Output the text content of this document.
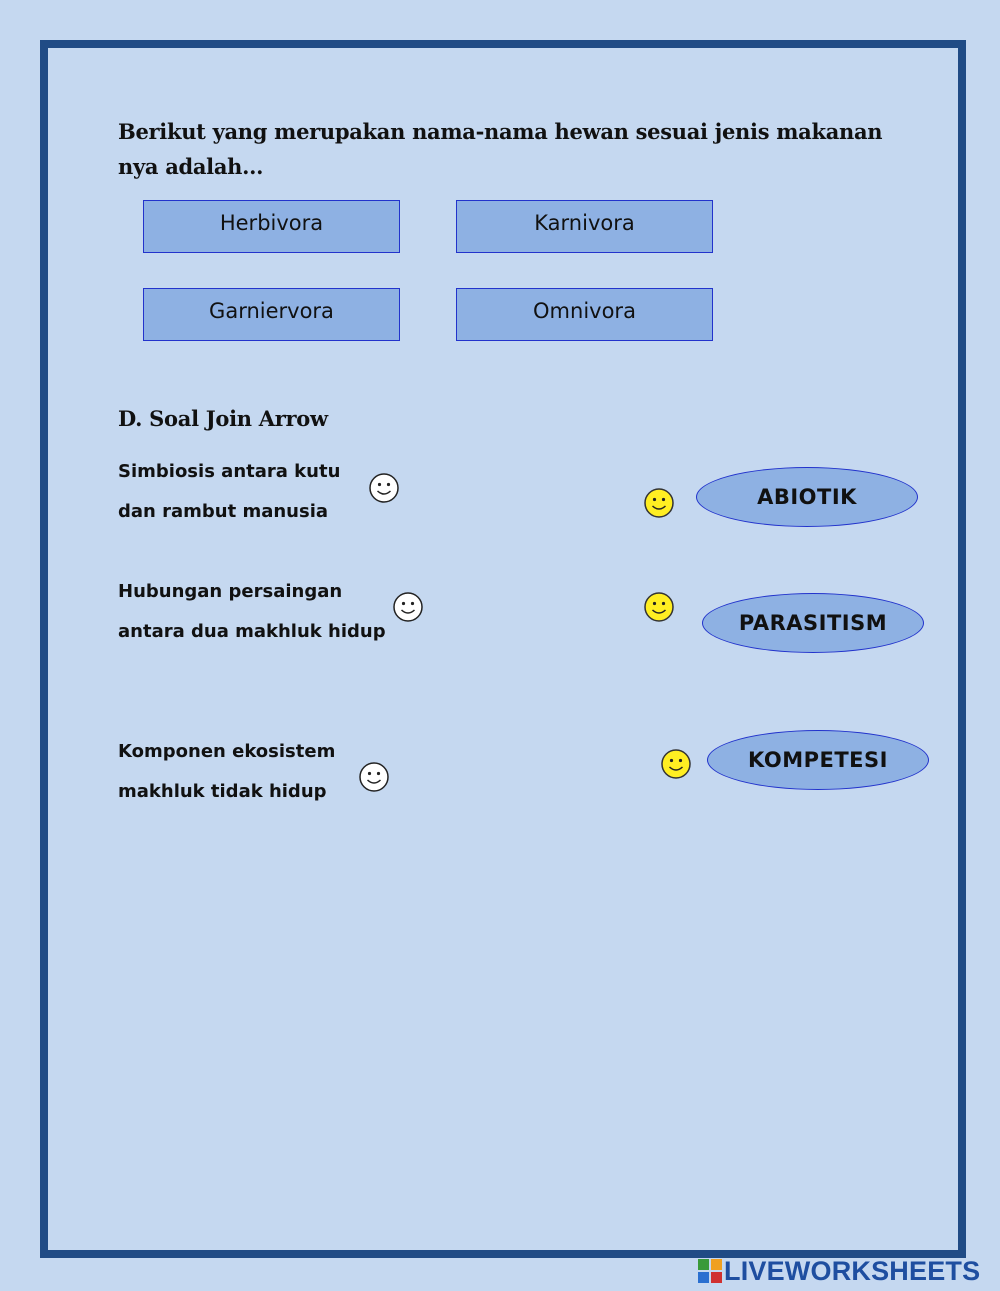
Berikut yang merupakan nama-nama hewan sesuai jenis makanan
nya adalah...
Herbivora	Karnivora
Garniervora	Omnivora
D. Soal Join Arrow
Simbiosis antara kutu
dan rambut manusia
Hubungan persaingan
antara dua makhluk hidup
Komponen ekosistem
makhluk tidak hidup
ABIOTIK
PARASITISM
KOMPETESI
LIVEWORKSHEETS
